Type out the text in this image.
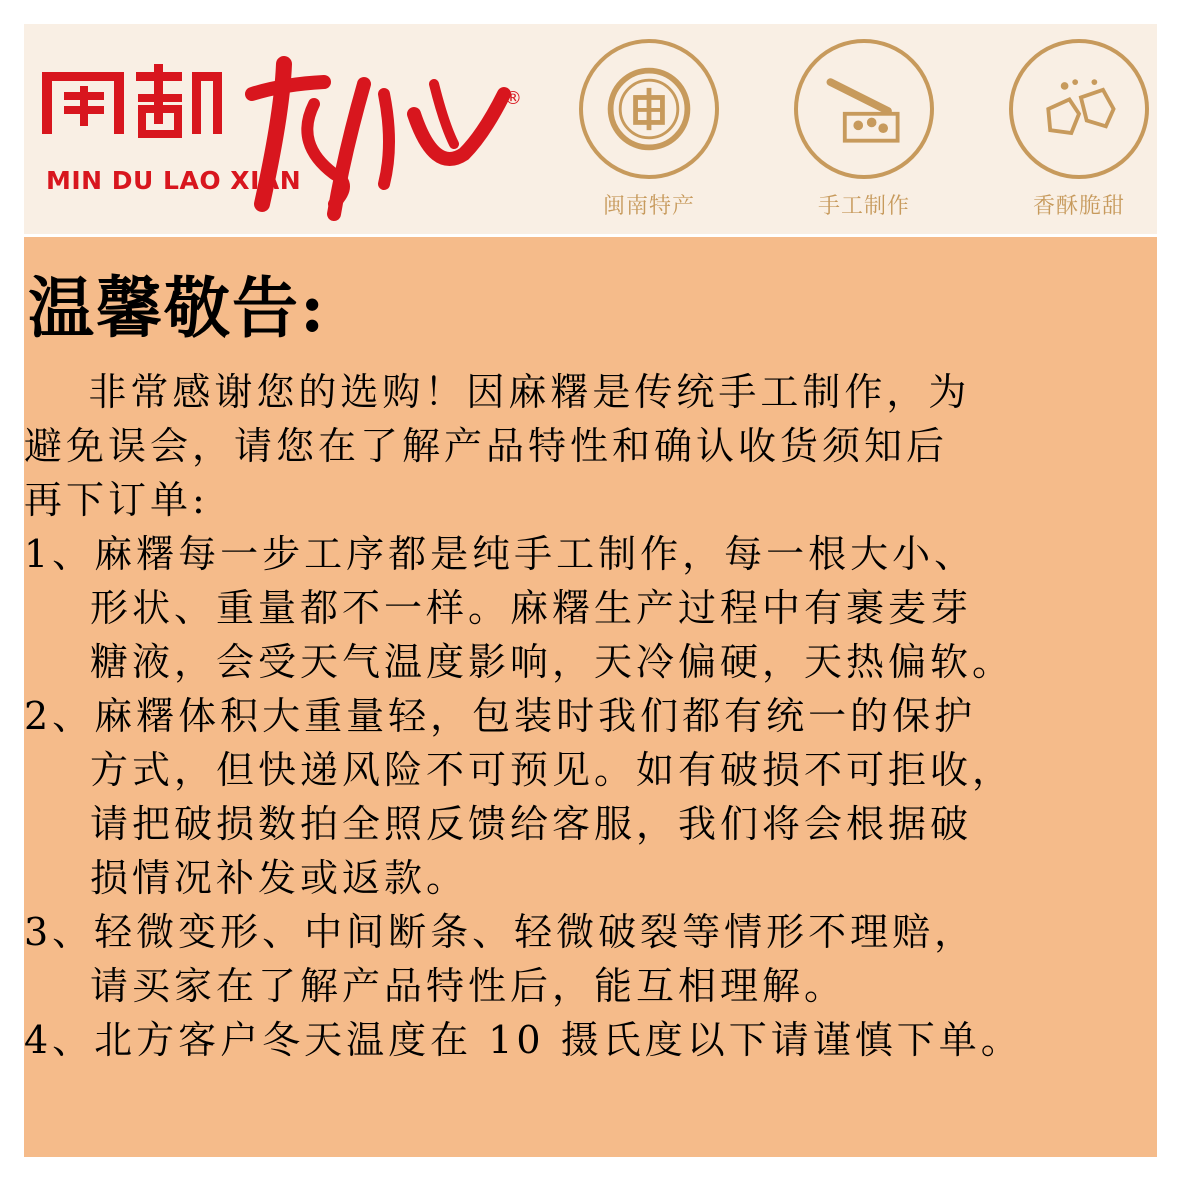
MIN DU LAO XIAN
®
闽南特产	手工制作	香酥脆甜
温馨敬告:
非常感谢您的选购！因麻糬是传统手工制作，为
避免误会，请您在了解产品特性和确认收货须知后
再下订单:
1、麻糬每一步工序都是纯手工制作，每一根大小、
形状、重量都不一样。麻糬生产过程中有裹麦芽
糖液，会受天气温度影响，天冷偏硬，天热偏软。
2、麻糬体积大重量轻，包装时我们都有统一的保护
方式，但快递风险不可预见。如有破损不可拒收，
请把破损数拍全照反馈给客服，我们将会根据破
损情况补发或返款。
3、轻微变形、中间断条、轻微破裂等情形不理赔，
请买家在了解产品特性后，能互相理解。
4、北方客户冬天温度在 10 摄氏度以下请谨慎下单。
